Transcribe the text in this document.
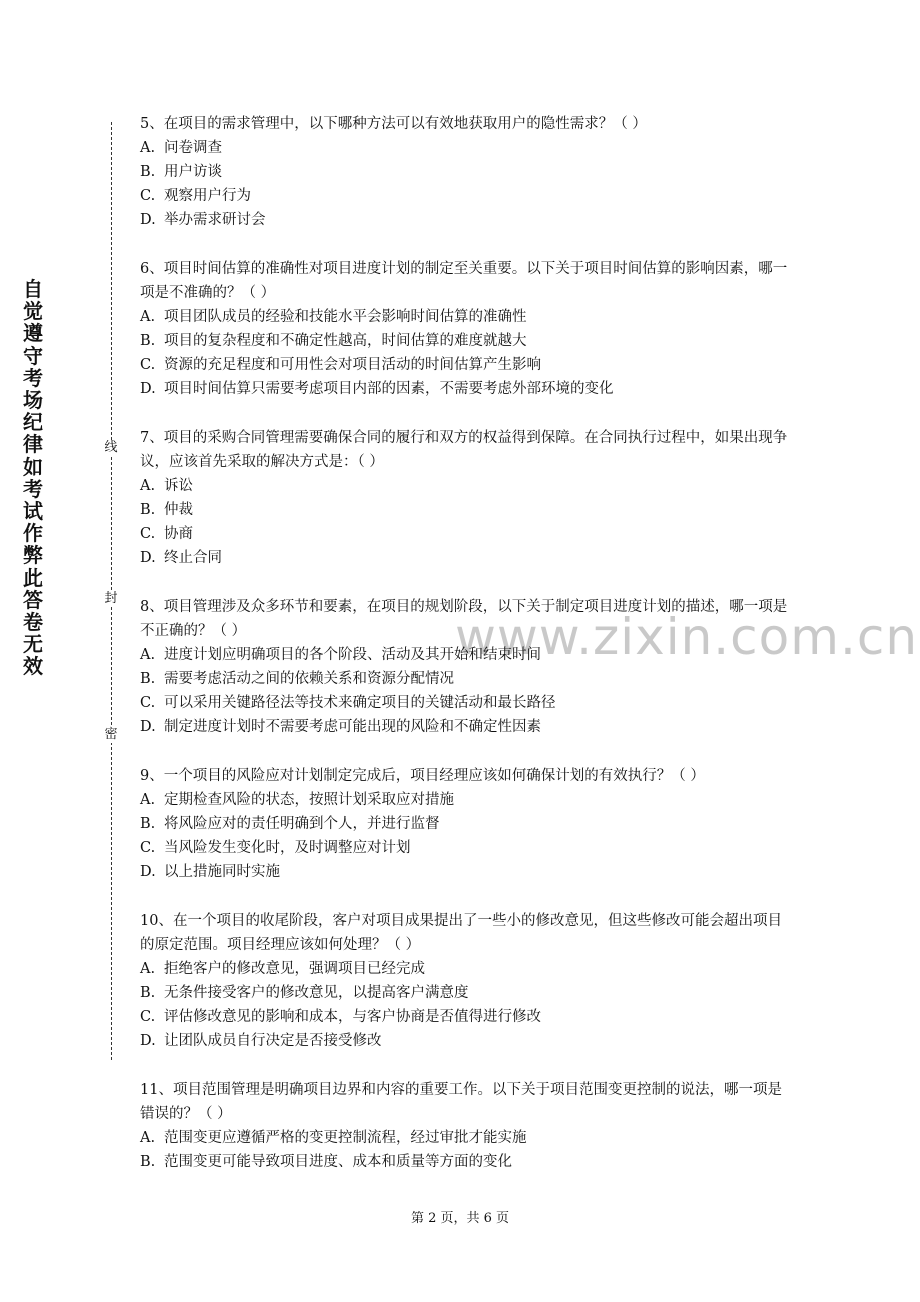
自觉遵守考场纪律如考试作弊此答卷无效
线
封
密
www.zixin.com.cn
5、在项目的需求管理中，以下哪种方法可以有效地获取用户的隐性需求？（ ）
A. 问卷调查
B. 用户访谈
C. 观察用户行为
D. 举办需求研讨会
6、项目时间估算的准确性对项目进度计划的制定至关重要。以下关于项目时间估算的影响因素，哪一项是不准确的？（ ）
A. 项目团队成员的经验和技能水平会影响时间估算的准确性
B. 项目的复杂程度和不确定性越高，时间估算的难度就越大
C. 资源的充足程度和可用性会对项目活动的时间估算产生影响
D. 项目时间估算只需要考虑项目内部的因素，不需要考虑外部环境的变化
7、项目的采购合同管理需要确保合同的履行和双方的权益得到保障。在合同执行过程中，如果出现争议，应该首先采取的解决方式是：（ ）
A. 诉讼
B. 仲裁
C. 协商
D. 终止合同
8、项目管理涉及众多环节和要素，在项目的规划阶段，以下关于制定项目进度计划的描述，哪一项是不正确的？（ ）
A. 进度计划应明确项目的各个阶段、活动及其开始和结束时间
B. 需要考虑活动之间的依赖关系和资源分配情况
C. 可以采用关键路径法等技术来确定项目的关键活动和最长路径
D. 制定进度计划时不需要考虑可能出现的风险和不确定性因素
9、一个项目的风险应对计划制定完成后，项目经理应该如何确保计划的有效执行？（ ）
A. 定期检查风险的状态，按照计划采取应对措施
B. 将风险应对的责任明确到个人，并进行监督
C. 当风险发生变化时，及时调整应对计划
D. 以上措施同时实施
10、在一个项目的收尾阶段，客户对项目成果提出了一些小的修改意见，但这些修改可能会超出项目的原定范围。项目经理应该如何处理？（ ）
A. 拒绝客户的修改意见，强调项目已经完成
B. 无条件接受客户的修改意见，以提高客户满意度
C. 评估修改意见的影响和成本，与客户协商是否值得进行修改
D. 让团队成员自行决定是否接受修改
11、项目范围管理是明确项目边界和内容的重要工作。以下关于项目范围变更控制的说法，哪一项是错误的？（ ）
A. 范围变更应遵循严格的变更控制流程，经过审批才能实施
B. 范围变更可能导致项目进度、成本和质量等方面的变化
第 2 页，共 6 页
